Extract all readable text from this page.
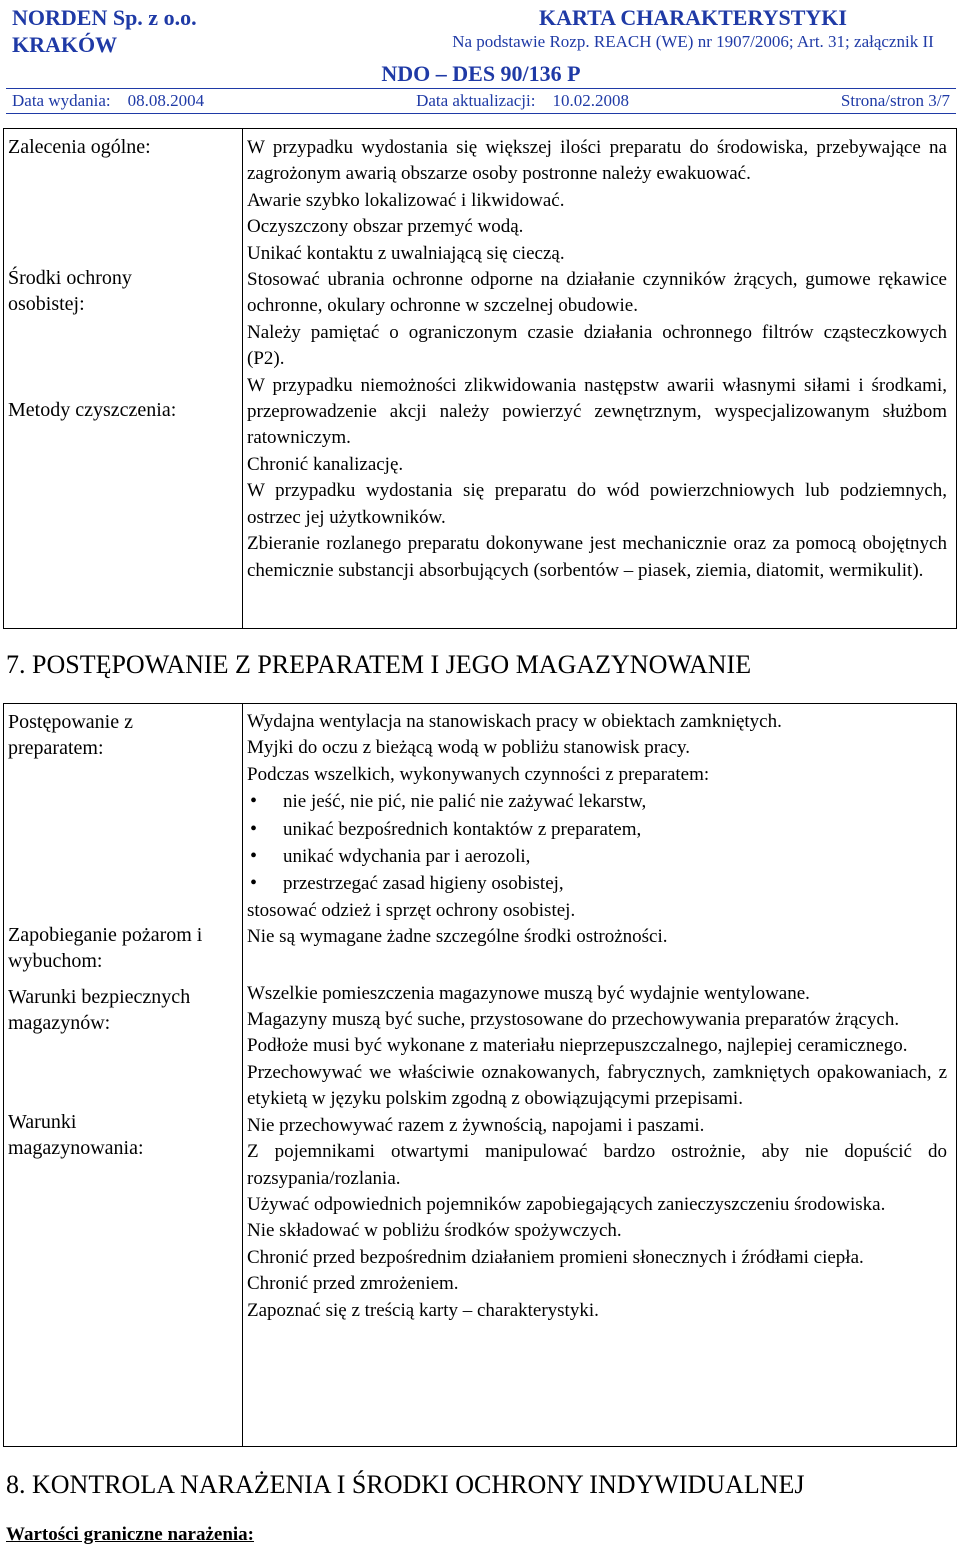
NORDEN Sp. z o.o.
KRAKÓW
KARTA CHARAKTERYSTYKI
Na podstawie Rozp. REACH (WE) nr 1907/2006; Art. 31; załącznik II
NDO – DES 90/136 P
Data wydania: 08.08.2004	Data aktualizacji: 10.02.2008	Strona/stron 3/7
Zalecenia ogólne:
Środki ochrony osobistej:
Metody czyszczenia:

W przypadku wydostania się większej ilości preparatu do środowiska, przebywające na zagrożonym awarią obszarze osoby postronne należy ewakuować.

Awarie szybko lokalizować i likwidować.

Oczyszczony obszar przemyć wodą.

Unikać kontaktu z uwalniającą się cieczą.

Stosować ubrania ochronne odporne na działanie czynników żrących, gumowe rękawice ochronne, okulary ochronne w szczelnej obudowie.

Należy pamiętać o ograniczonym czasie działania ochronnego filtrów cząsteczkowych (P2).

W przypadku niemożności zlikwidowania następstw awarii własnymi siłami i środkami, przeprowadzenie akcji należy powierzyć zewnętrznym, wyspecjalizowanym służbom ratowniczym.

Chronić kanalizację.

W przypadku wydostania się preparatu do wód powierzchniowych lub podziemnych, ostrzec jej użytkowników.

Zbieranie rozlanego preparatu dokonywane jest mechanicznie oraz za pomocą obojętnych chemicznie substancji absorbujących (sorbentów – piasek, ziemia, diatomit, wermikulit).

7. POSTĘPOWANIE Z PREPARATEM I JEGO MAGAZYNOWANIE
Postępowanie z preparatem:
Zapobieganie pożarom i wybuchom:
Warunki bezpiecznych magazynów:
Warunki magazynowania:

Wydajna wentylacja na stanowiskach pracy w obiektach zamkniętych.

Myjki do oczu z bieżącą wodą w pobliżu stanowisk pracy.

Podczas wszelkich, wykonywanych czynności z preparatem:

• nie jeść, nie pić, nie palić nie zażywać lekarstw,
• unikać bezpośrednich kontaktów z preparatem,
• unikać wdychania par i aerozoli,
• przestrzegać zasad higieny osobistej,

stosować odzież i sprzęt ochrony osobistej.

Nie są wymagane żadne szczególne środki ostrożności.

Wszelkie pomieszczenia magazynowe muszą być wydajnie wentylowane.

Magazyny muszą być suche, przystosowane do przechowywania preparatów żrących.

Podłoże musi być wykonane z materiału nieprzepuszczalnego, najlepiej ceramicznego.

Przechowywać we właściwie oznakowanych, fabrycznych, zamkniętych opakowaniach, z etykietą w języku polskim zgodną z obowiązującymi przepisami.

Nie przechowywać razem z żywnością, napojami i paszami.

Z pojemnikami otwartymi manipulować bardzo ostrożnie, aby nie dopuścić do rozsypania/rozlania.

Używać odpowiednich pojemników zapobiegających zanieczyszczeniu środowiska.

Nie składować w pobliżu środków spożywczych.

Chronić przed bezpośrednim działaniem promieni słonecznych i źródłami ciepła.

Chronić przed zmrożeniem.

Zapoznać się z treścią karty – charakterystyki.

8. KONTROLA NARAŻENIA I ŚRODKI OCHRONY INDYWIDUALNEJ
Wartości graniczne narażenia:
